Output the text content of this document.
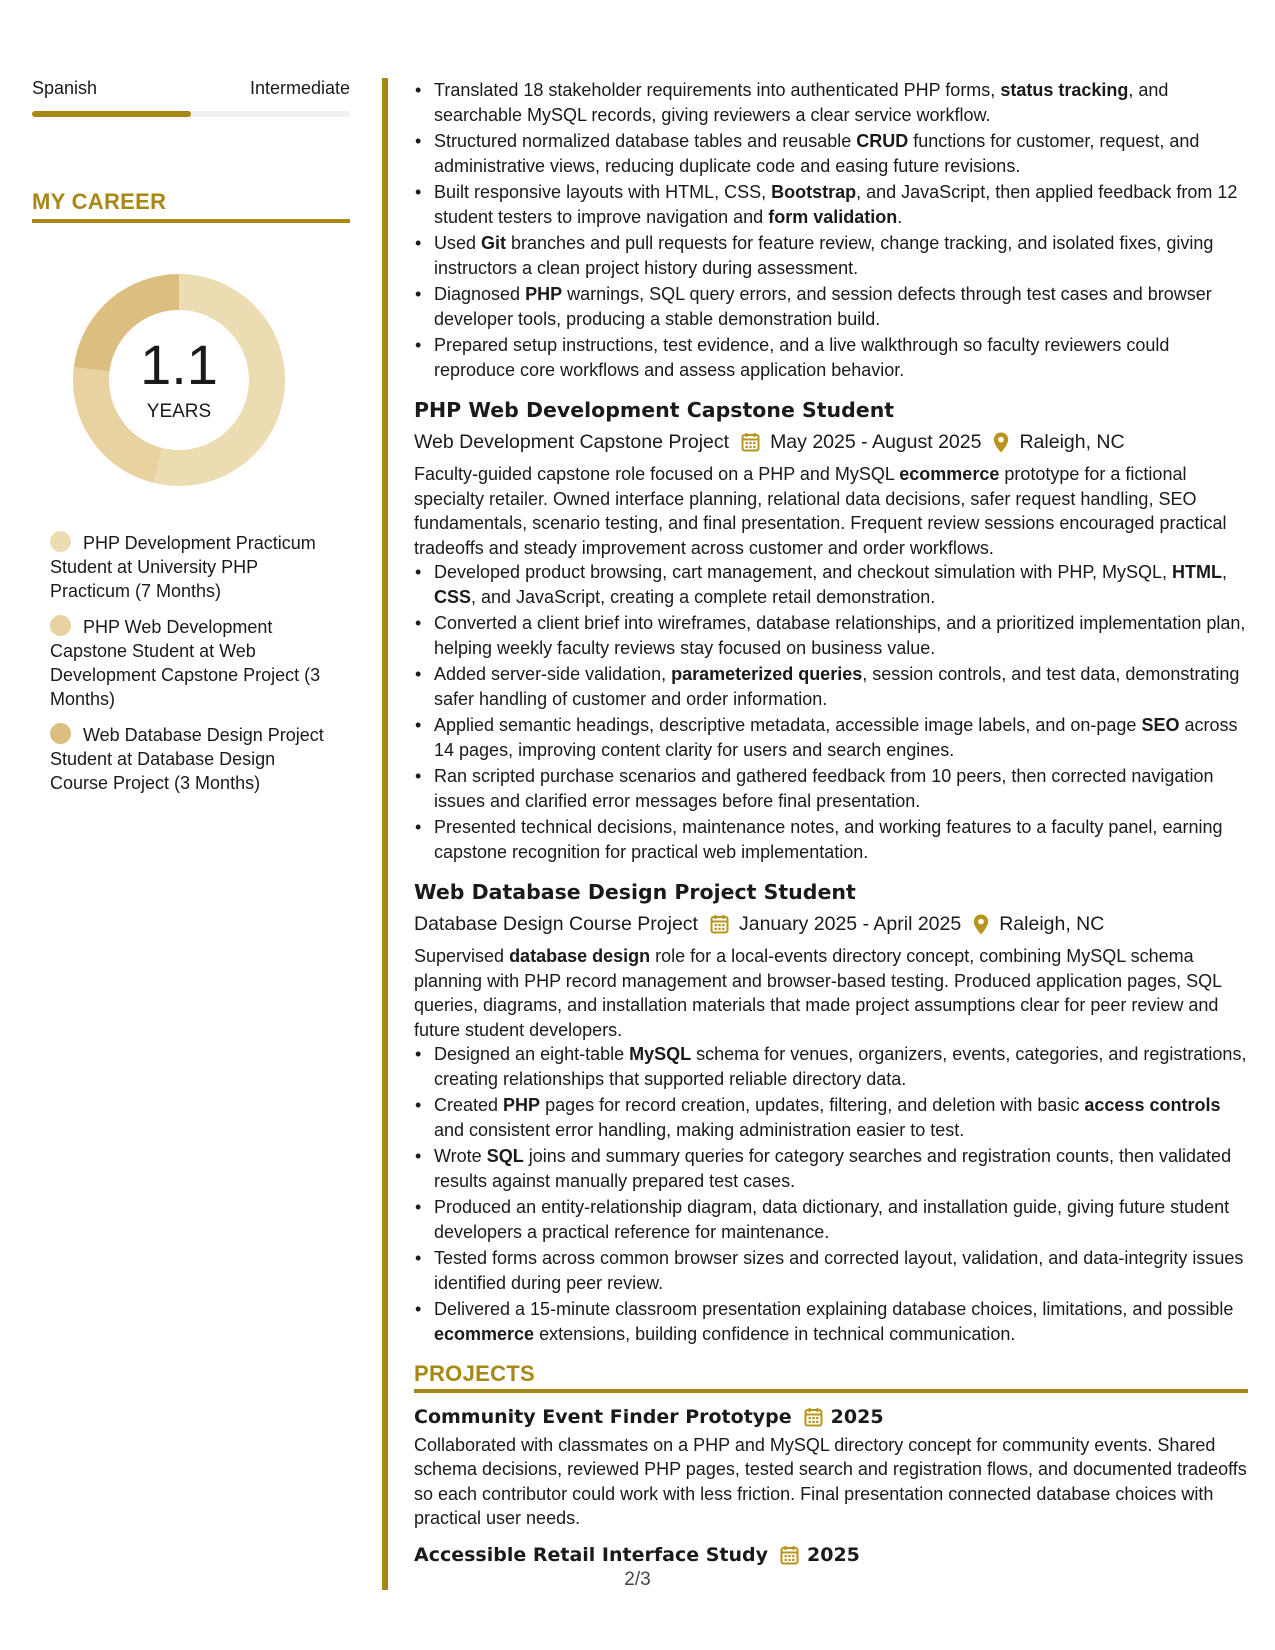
Spanish	Intermediate
MY CAREER
1.1
YEARS
PHP Development Practicum Student at University PHP Practicum (7 Months)
PHP Web Development Capstone Student at Web Development Capstone Project (3 Months)
Web Database Design Project Student at Database Design Course Project (3 Months)
• Translated 18 stakeholder requirements into authenticated PHP forms, status tracking, and searchable MySQL records, giving reviewers a clear service workflow.
• Structured normalized database tables and reusable CRUD functions for customer, request, and administrative views, reducing duplicate code and easing future revisions.
• Built responsive layouts with HTML, CSS, Bootstrap, and JavaScript, then applied feedback from 12 student testers to improve navigation and form validation.
• Used Git branches and pull requests for feature review, change tracking, and isolated fixes, giving instructors a clean project history during assessment.
• Diagnosed PHP warnings, SQL query errors, and session defects through test cases and browser developer tools, producing a stable demonstration build.
• Prepared setup instructions, test evidence, and a live walkthrough so faculty reviewers could reproduce core workflows and assess application behavior.
PHP Web Development Capstone Student
Web Development Capstone Project May 2025 - August 2025 Raleigh, NC
Faculty-guided capstone role focused on a PHP and MySQL ecommerce prototype for a fictional specialty retailer. Owned interface planning, relational data decisions, safer request handling, SEO fundamentals, scenario testing, and final presentation. Frequent review sessions encouraged practical tradeoffs and steady improvement across customer and order workflows.
• Developed product browsing, cart management, and checkout simulation with PHP, MySQL, HTML, CSS, and JavaScript, creating a complete retail demonstration.
• Converted a client brief into wireframes, database relationships, and a prioritized implementation plan, helping weekly faculty reviews stay focused on business value.
• Added server-side validation, parameterized queries, session controls, and test data, demonstrating safer handling of customer and order information.
• Applied semantic headings, descriptive metadata, accessible image labels, and on-page SEO across 14 pages, improving content clarity for users and search engines.
• Ran scripted purchase scenarios and gathered feedback from 10 peers, then corrected navigation issues and clarified error messages before final presentation.
• Presented technical decisions, maintenance notes, and working features to a faculty panel, earning capstone recognition for practical web implementation.
Web Database Design Project Student
Database Design Course Project January 2025 - April 2025 Raleigh, NC
Supervised database design role for a local-events directory concept, combining MySQL schema planning with PHP record management and browser-based testing. Produced application pages, SQL queries, diagrams, and installation materials that made project assumptions clear for peer review and future student developers.
• Designed an eight-table MySQL schema for venues, organizers, events, categories, and registrations, creating relationships that supported reliable directory data.
• Created PHP pages for record creation, updates, filtering, and deletion with basic access controls and consistent error handling, making administration easier to test.
• Wrote SQL joins and summary queries for category searches and registration counts, then validated results against manually prepared test cases.
• Produced an entity-relationship diagram, data dictionary, and installation guide, giving future student developers a practical reference for maintenance.
• Tested forms across common browser sizes and corrected layout, validation, and data-integrity issues identified during peer review.
• Delivered a 15-minute classroom presentation explaining database choices, limitations, and possible ecommerce extensions, building confidence in technical communication.
PROJECTS
Community Event Finder Prototype 2025
Collaborated with classmates on a PHP and MySQL directory concept for community events. Shared schema decisions, reviewed PHP pages, tested search and registration flows, and documented tradeoffs so each contributor could work with less friction. Final presentation connected database choices with practical user needs.
Accessible Retail Interface Study 2025
2/3
